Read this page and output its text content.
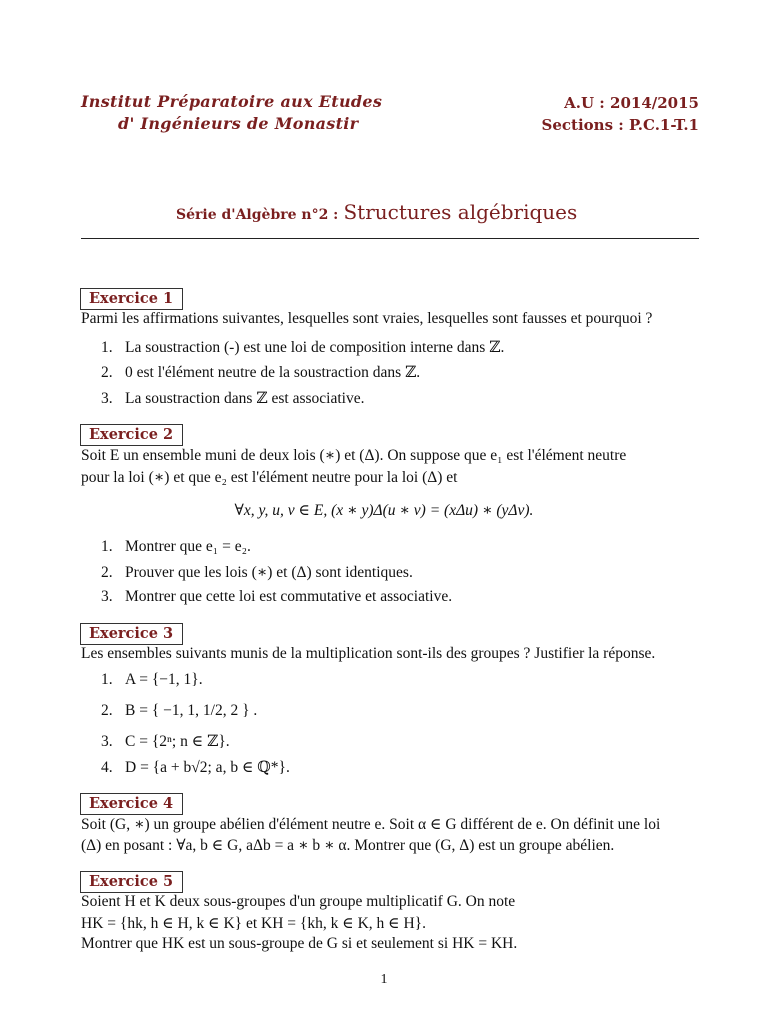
Institut Préparatoire aux Etudes
d' Ingénieurs de Monastir
A.U : 2014/2015
Sections : P.C.1-T.1
Série d'Algèbre n°2 : Structures algébriques
Exercice 1
Parmi les affirmations suivantes, lesquelles sont vraies, lesquelles sont fausses et pourquoi ?
1. La soustraction (-) est une loi de composition interne dans ℤ.
2. 0 est l'élément neutre de la soustraction dans ℤ.
3. La soustraction dans ℤ est associative.
Exercice 2
Soit E un ensemble muni de deux lois (∗) et (Δ). On suppose que e₁ est l'élément neutre
pour la loi (∗) et que e₂ est l'élément neutre pour la loi (Δ) et
∀x, y, u, v ∈ E, (x ∗ y)Δ(u ∗ v) = (xΔu) ∗ (yΔv).
1. Montrer que e₁ = e₂.
2. Prouver que les lois (∗) et (Δ) sont identiques.
3. Montrer que cette loi est commutative et associative.
Exercice 3
Les ensembles suivants munis de la multiplication sont-ils des groupes ? Justifier la réponse.
1. A = {−1, 1}.
2. B = { −1, 1, 1/2, 2 } .
3. C = {2ⁿ; n ∈ ℤ}.
4. D = {a + b√2; a, b ∈ ℚ*}.
Exercice 4
Soit (G, ∗) un groupe abélien d'élément neutre e. Soit α ∈ G différent de e. On définit une loi
(Δ) en posant : ∀a, b ∈ G, aΔb = a ∗ b ∗ α. Montrer que (G, Δ) est un groupe abélien.
Exercice 5
Soient H et K deux sous-groupes d'un groupe multiplicatif G. On note
HK = {hk, h ∈ H, k ∈ K} et KH = {kh, k ∈ K, h ∈ H}.
Montrer que HK est un sous-groupe de G si et seulement si HK = KH.
1
